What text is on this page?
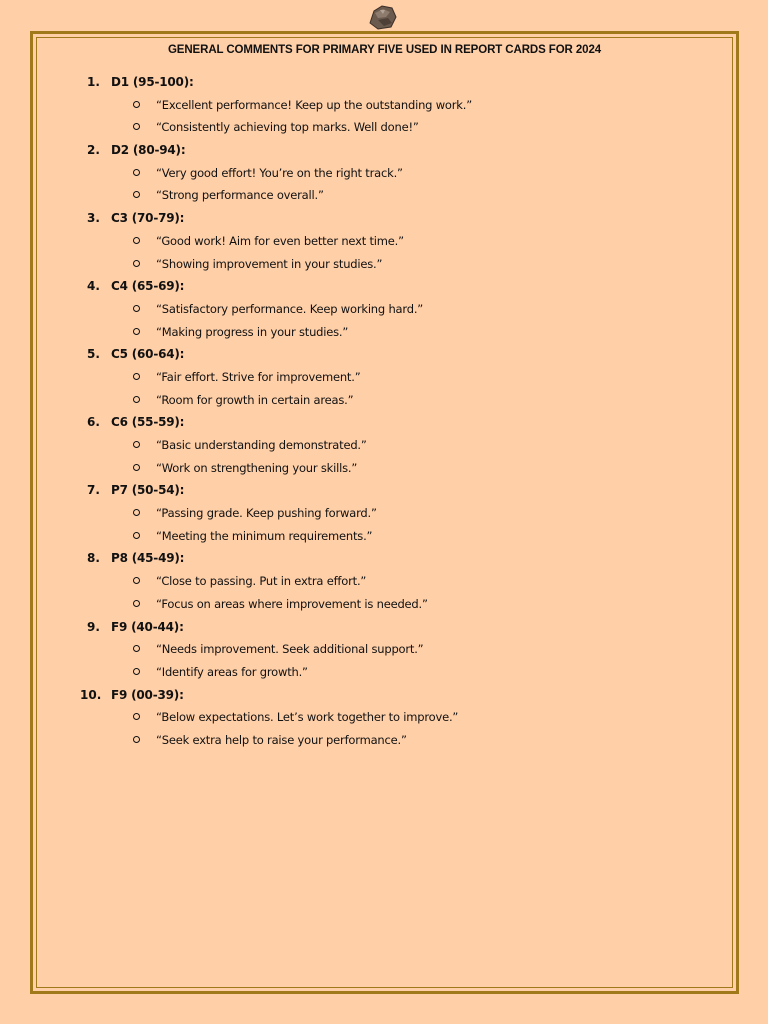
GENERAL COMMENTS FOR PRIMARY FIVE USED IN REPORT CARDS FOR 2024
1. D1 (95-100):
“Excellent performance! Keep up the outstanding work.”
“Consistently achieving top marks. Well done!”
2. D2 (80-94):
“Very good effort! You’re on the right track.”
“Strong performance overall.”
3. C3 (70-79):
“Good work! Aim for even better next time.”
“Showing improvement in your studies.”
4. C4 (65-69):
“Satisfactory performance. Keep working hard.”
“Making progress in your studies.”
5. C5 (60-64):
“Fair effort. Strive for improvement.”
“Room for growth in certain areas.”
6. C6 (55-59):
“Basic understanding demonstrated.”
“Work on strengthening your skills.”
7. P7 (50-54):
“Passing grade. Keep pushing forward.”
“Meeting the minimum requirements.”
8. P8 (45-49):
“Close to passing. Put in extra effort.”
“Focus on areas where improvement is needed.”
9. F9 (40-44):
“Needs improvement. Seek additional support.”
“Identify areas for growth.”
10. F9 (00-39):
“Below expectations. Let’s work together to improve.”
“Seek extra help to raise your performance.”
